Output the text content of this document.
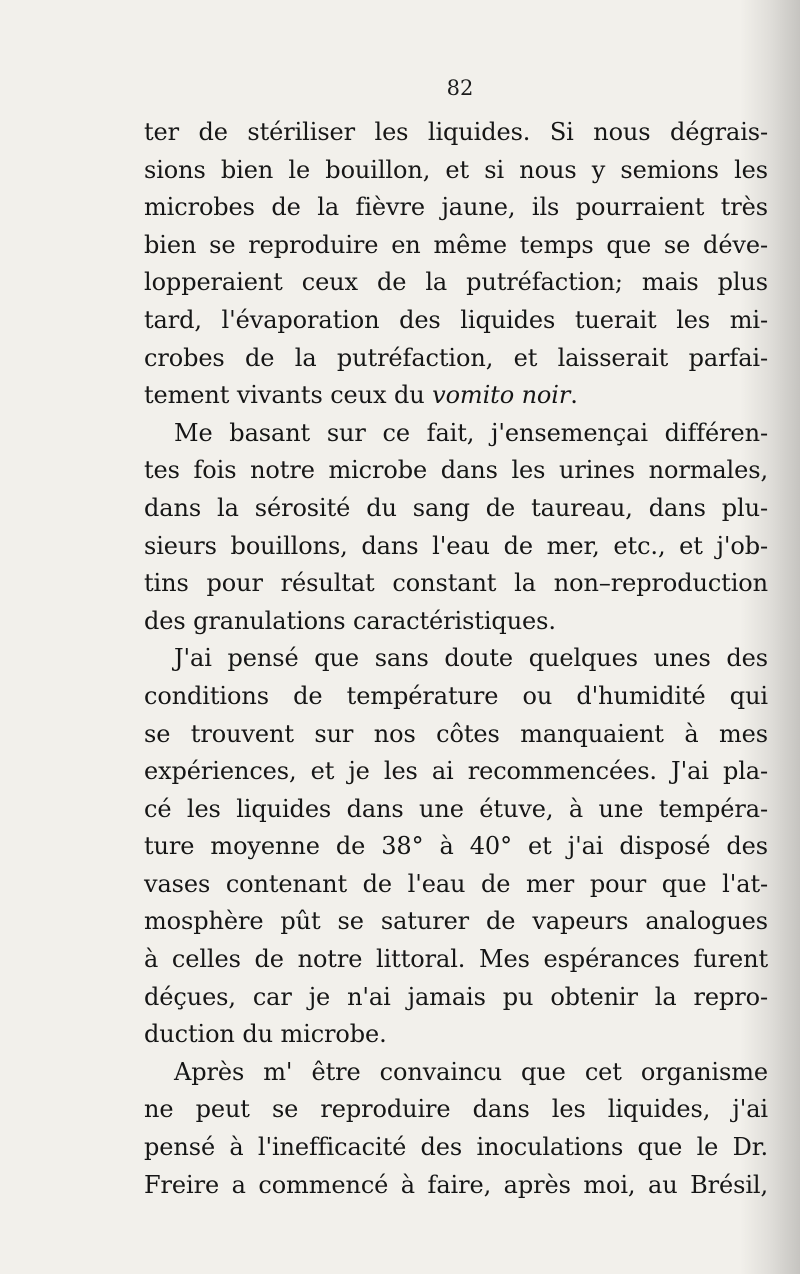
82
ter de stériliser les liquides. Si nous dégrais-
sions bien le bouillon, et si nous y semions les
microbes de la fièvre jaune, ils pourraient très
bien se reproduire en même temps que se déve-
lopperaient ceux de la putréfaction; mais plus
tard, l'évaporation des liquides tuerait les mi-
crobes de la putréfaction, et laisserait parfai-
tement vivants ceux du vomito noir.
Me basant sur ce fait, j'ensemençai différen-
tes fois notre microbe dans les urines normales,
dans la sérosité du sang de taureau, dans plu-
sieurs bouillons, dans l'eau de mer, etc., et j'ob-
tins pour résultat constant la non–reproduction
des granulations caractéristiques.
J'ai pensé que sans doute quelques unes des
conditions de température ou d'humidité qui
se trouvent sur nos côtes manquaient à mes
expériences, et je les ai recommencées. J'ai pla-
cé les liquides dans une étuve, à une tempéra-
ture moyenne de 38° à 40° et j'ai disposé des
vases contenant de l'eau de mer pour que l'at-
mosphère pût se saturer de vapeurs analogues
à celles de notre littoral. Mes espérances furent
déçues, car je n'ai jamais pu obtenir la repro-
duction du microbe.
Après m' être convaincu que cet organisme
ne peut se reproduire dans les liquides, j'ai
pensé à l'inefficacité des inoculations que le Dr.
Freire a commencé à faire, après moi, au Brésil,
